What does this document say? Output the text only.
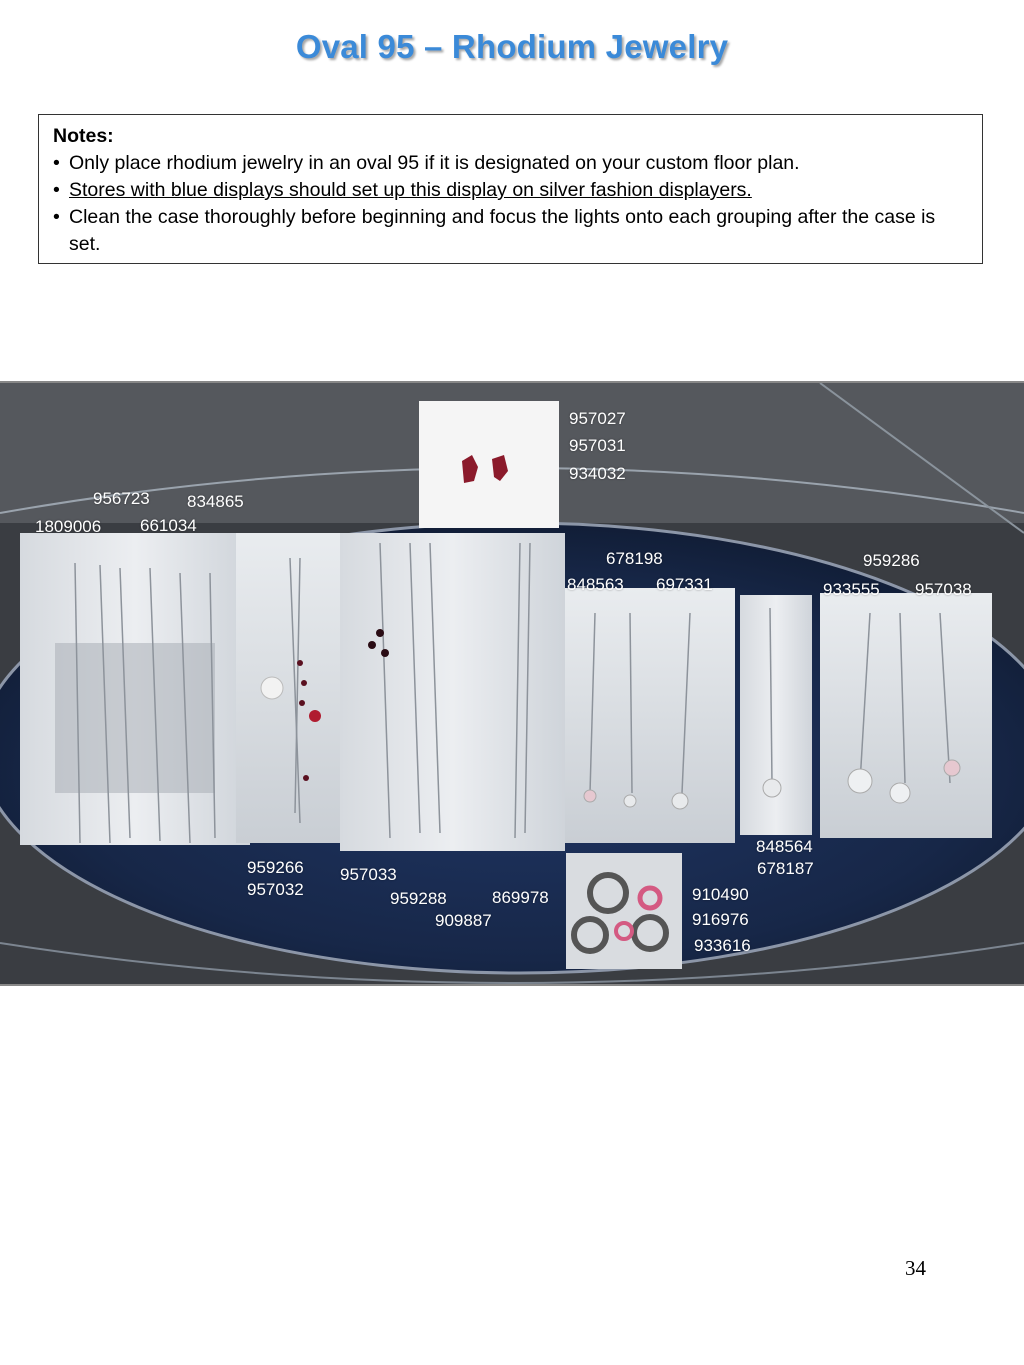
Oval 95 – Rhodium Jewelry
Notes:
• Only place rhodium jewelry in an oval 95 if it is designated on your custom floor plan.
• Stores with blue displays should set up this display on silver fashion displayers.
• Clean the case thoroughly before beginning and focus the lights onto each grouping after the case is set.
957027
957031
934032
956723 834865
1809006 661034
678198
848563 697331
959286
933555 957038
848564
678187
959266
957032
957033
959288	869978
909887
910490
916976
933616
34
